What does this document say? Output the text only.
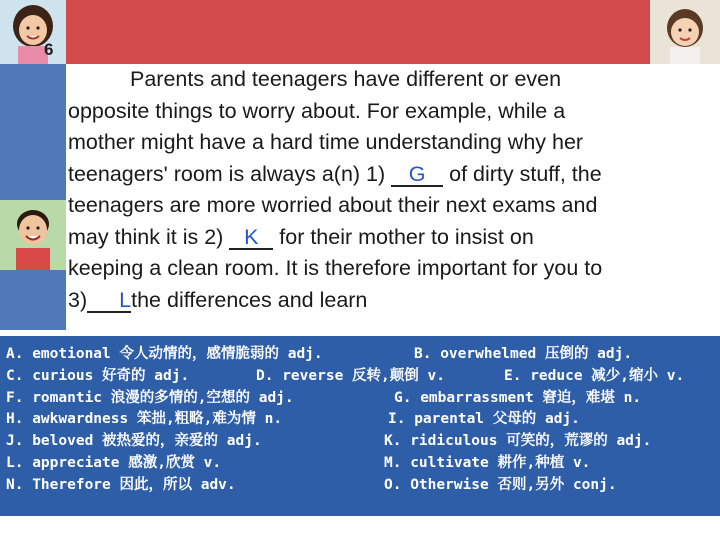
6
Parents and teenagers have different or even
opposite things to worry about. For example, while a
mother might have a hard time understanding why her
teenagers' room is always a(n) 1) G of dirty stuff, the
teenagers are more worried about their next exams and
may think it is 2) K for their mother to insist on
keeping a clean room. It is therefore important for you to
3) Lthe differences and learn
A. emotional 令人动情的，感情脆弱的 adj.	B. overwhelmed 压倒的 adj.
C. curious 好奇的 adj.	D. reverse 反转,颠倒 v.	E. reduce 减少,缩小 v.
F. romantic 浪漫的多情的,空想的 adj.	G. embarrassment 窘迫，难堪 n.
H. awkwardness 笨拙,粗略,难为情 n.	I. parental 父母的 adj.
J. beloved 被热爱的，亲爱的 adj.	K. ridiculous 可笑的，荒谬的 adj.
L. appreciate 感激,欣赏 v.	M. cultivate 耕作,种植 v.
N. Therefore 因此，所以 adv.	O. Otherwise 否则,另外 conj.
